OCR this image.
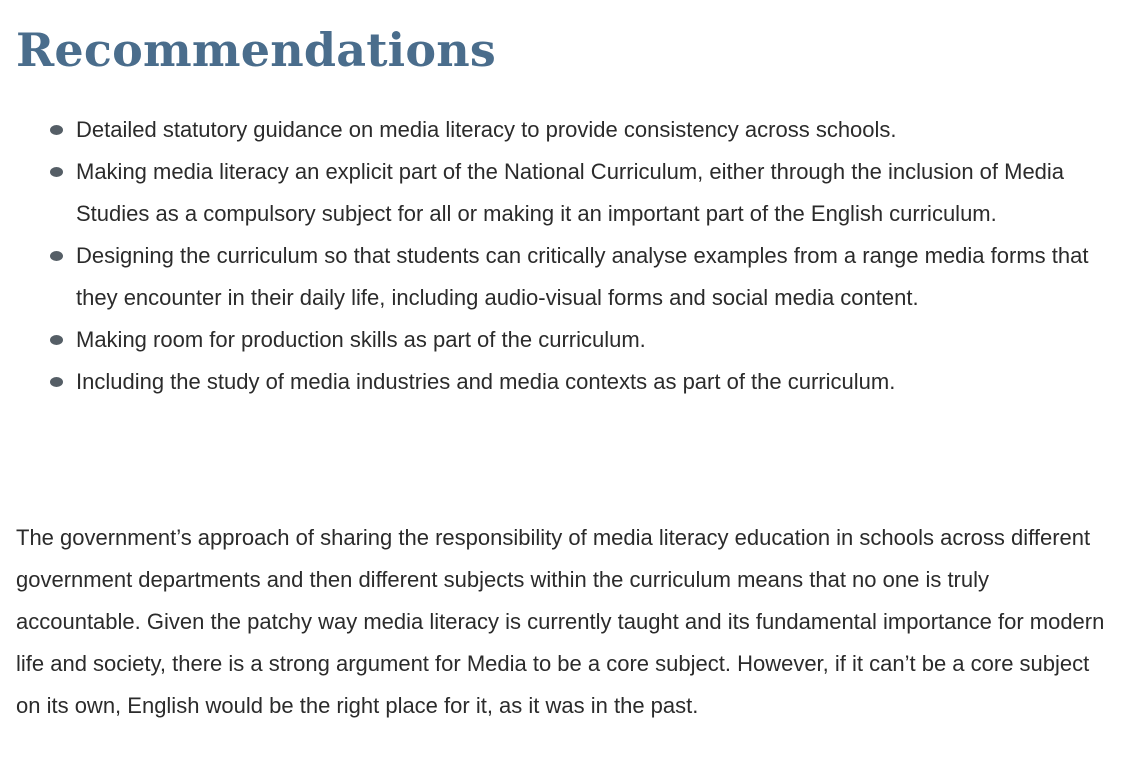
Recommendations
Detailed statutory guidance on media literacy to provide consistency across schools.
Making media literacy an explicit part of the National Curriculum, either through the inclusion of Media Studies as a compulsory subject for all or making it an important part of the English curriculum.
Designing the curriculum so that students can critically analyse examples from a range media forms that they encounter in their daily life, including audio-visual forms and social media content.
Making room for production skills as part of the curriculum.
Including the study of media industries and media contexts as part of the curriculum.

The government’s approach of sharing the responsibility of media literacy education in schools across different government departments and then different subjects within the curriculum means that no one is truly accountable. Given the patchy way media literacy is currently taught and its fundamental importance for modern life and society, there is a strong argument for Media to be a core subject. However, if it can’t be a core subject on its own, English would be the right place for it, as it was in the past.
